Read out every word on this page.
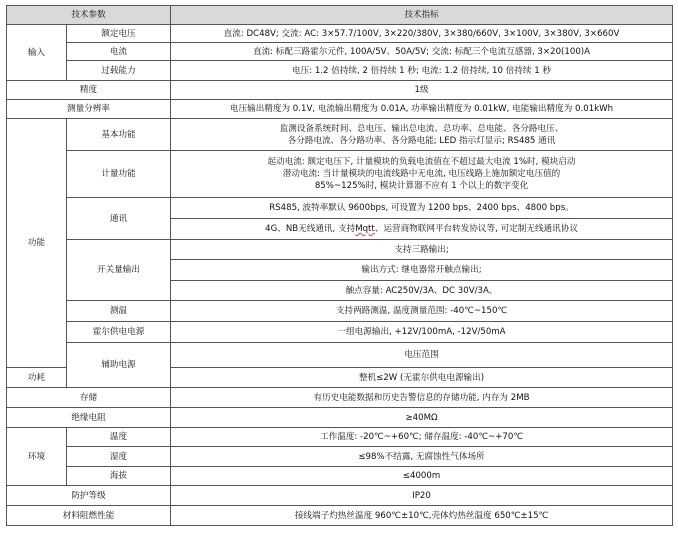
技术参数		技术指标	
输入	额定电压	直流: DC48V; 交流: AC: 3×57.7/100V, 3×220/380V, 3×380/660V, 3×100V, 3×380V, 3×660V	
	电流	直流: 标配三路霍尔元件, 100A/5V、50A/5V; 交流: 标配三个电流互感器, 3×20(100)A	
	过载能力	电压: 1.2 倍持续, 2 倍持续 1 秒; 电流: 1.2 倍持续, 10 倍持续 1 秒	
精度		1级	
测量分辨率		电压输出精度为 0.1V, 电流输出精度为 0.01A, 功率输出精度为 0.01kW, 电能输出精度为 0.01kWh	
功能	基本功能	监测设备系统时间、总电压、输出总电流、总功率、总电能、各分路电压、
各分路电流、各分路功率、各分路电能; LED 指示灯显示; RS485 通讯	

	计量功能	起动电流: 额定电压下, 计量模块的负载电流值在不超过最大电流 1%时, 模块启动
潜动电流: 当计量模块的电流线路中无电流, 电压线路上施加额定电压值的
85%~125%时, 模块计算器不应有 1 个以上的数字变化	

	通讯	RS485, 波特率默认 9600bps, 可设置为 1200 bps、2400 bps、4800 bps。	
		4G、NB无线通讯, 支持Mqtt、运营商物联网平台转发协议等, 可定制无线通讯协议	
	开关量输出	支持三路输出;	
		输出方式: 继电器常开触点输出;	
		触点容量: AC250V/3A、DC 30V/3A。	
	测温	支持两路测温, 温度测量范围: -40℃~150℃	
	霍尔供电电源	一组电源输出, +12V/100mA, -12V/50mA	
	辅助电源	电压范围	
功耗		整机≤2W (无霍尔供电电源输出)	
存储		有历史电能数据和历史告警信息的存储功能, 内存为 2MB	
绝缘电阻		≥40MΩ	
环境	温度	工作温度: -20℃~+60℃; 储存温度: -40℃~+70℃	
	湿度	≤98%不结露, 无腐蚀性气体场所	
	海拔	≤4000m	
防护等级		IP20	
材料阻燃性能		接线端子灼热丝温度 960℃±10℃,壳体灼热丝温度 650℃±15℃	
